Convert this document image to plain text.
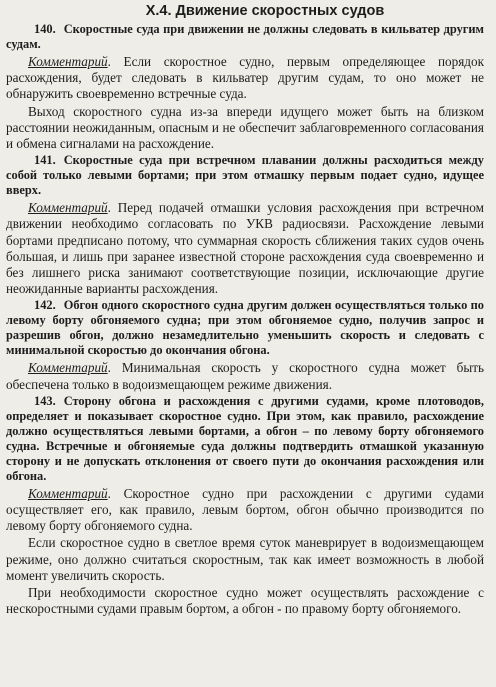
Х.4. Движение скоростных судов
140. Скоростные суда при движении не должны следовать в кильватер другим судам.
Комментарий. Если скоростное судно, первым определяющее порядок расхождения, будет следовать в кильватер другим судам, то оно может не обнаружить своевременно встречные суда.
Выход скоростного судна из-за впереди идущего может быть на близком расстоянии неожиданным, опасным и не обеспечит заблаговременного согласования и обмена сигналами на расхождение.
141. Скоростные суда при встречном плавании должны расходиться между собой только левыми бортами; при этом отмашку первым подает судно, идущее вверх.
Комментарий. Перед подачей отмашки условия расхождения при встречном движении необходимо согласовать по УКВ радиосвязи. Расхождение левыми бортами предписано потому, что суммарная скорость сближения таких судов очень большая, и лишь при заранее известной стороне расхождения суда своевременно и без лишнего риска занимают соответствующие позиции, исключающие другие неожиданные варианты расхождения.
142. Обгон одного скоростного судна другим должен осуществляться только по левому борту обгоняемого судна; при этом обгоняемое судно, получив запрос и разрешив обгон, должно незамедлительно уменьшить скорость и следовать с минимальной скоростью до окончания обгона.
Комментарий. Минимальная скорость у скоростного судна может быть обеспечена только в водоизмещающем режиме движения.
143. Сторону обгона и расхождения с другими судами, кроме плотоводов, определяет и показывает скоростное судно. При этом, как правило, расхождение должно осуществляться левыми бортами, а обгон – по левому борту обгоняемого судна. Встречные и обгоняемые суда должны подтвердить отмашкой указанную сторону и не допускать отклонения от своего пути до окончания расхождения или обгона.
Комментарий. Скоростное судно при расхождении с другими судами осуществляет его, как правило, левым бортом, обгон обычно производится по левому борту обгоняемого судна.
Если скоростное судно в светлое время суток маневрирует в водоизмещающем режиме, оно должно считаться скоростным, так как имеет возможность в любой момент увеличить скорость.
При необходимости скоростное судно может осуществлять расхождение с нескоростными судами правым бортом, а обгон - по правому борту обгоняемого.
